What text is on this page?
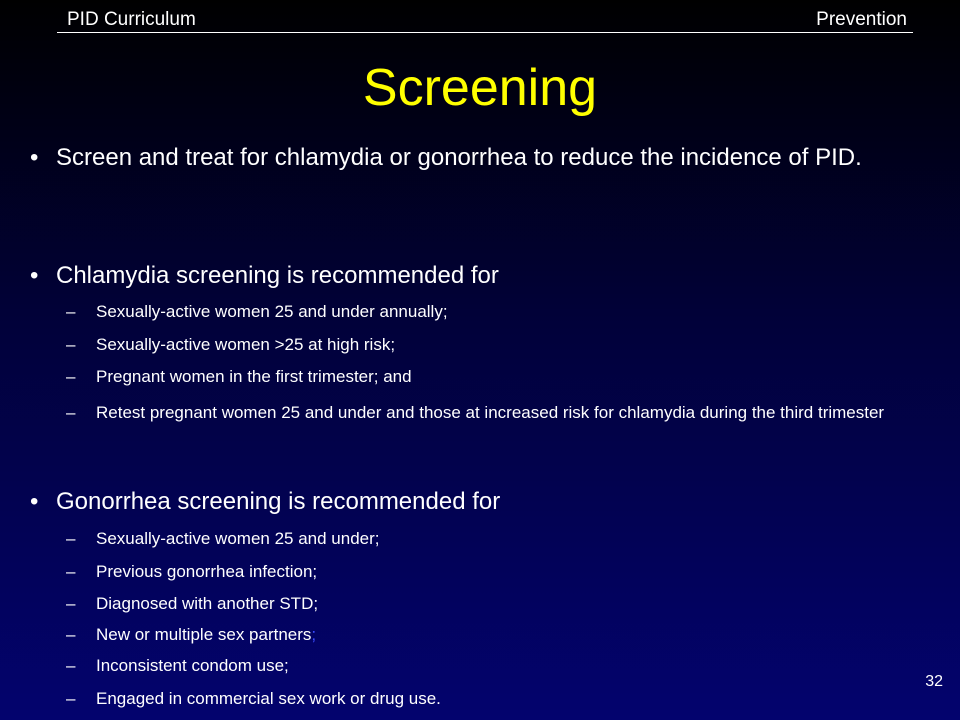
PID Curriculum	Prevention
Screening
• Screen and treat for chlamydia or gonorrhea to reduce the incidence of PID.
• Chlamydia screening is recommended for
–	Sexually-active women 25 and under annually;
–	Sexually-active women >25 at high risk;
–	Pregnant women in the first trimester; and
–	Retest pregnant women 25 and under and those at increased risk for chlamydia during the third trimester
• Gonorrhea screening is recommended for
–	Sexually-active women 25 and under;
–	Previous gonorrhea infection;
–	Diagnosed with another STD;
–	New or multiple sex partners;
–	Inconsistent condom use;
–	Engaged in commercial sex work or drug use.
32
